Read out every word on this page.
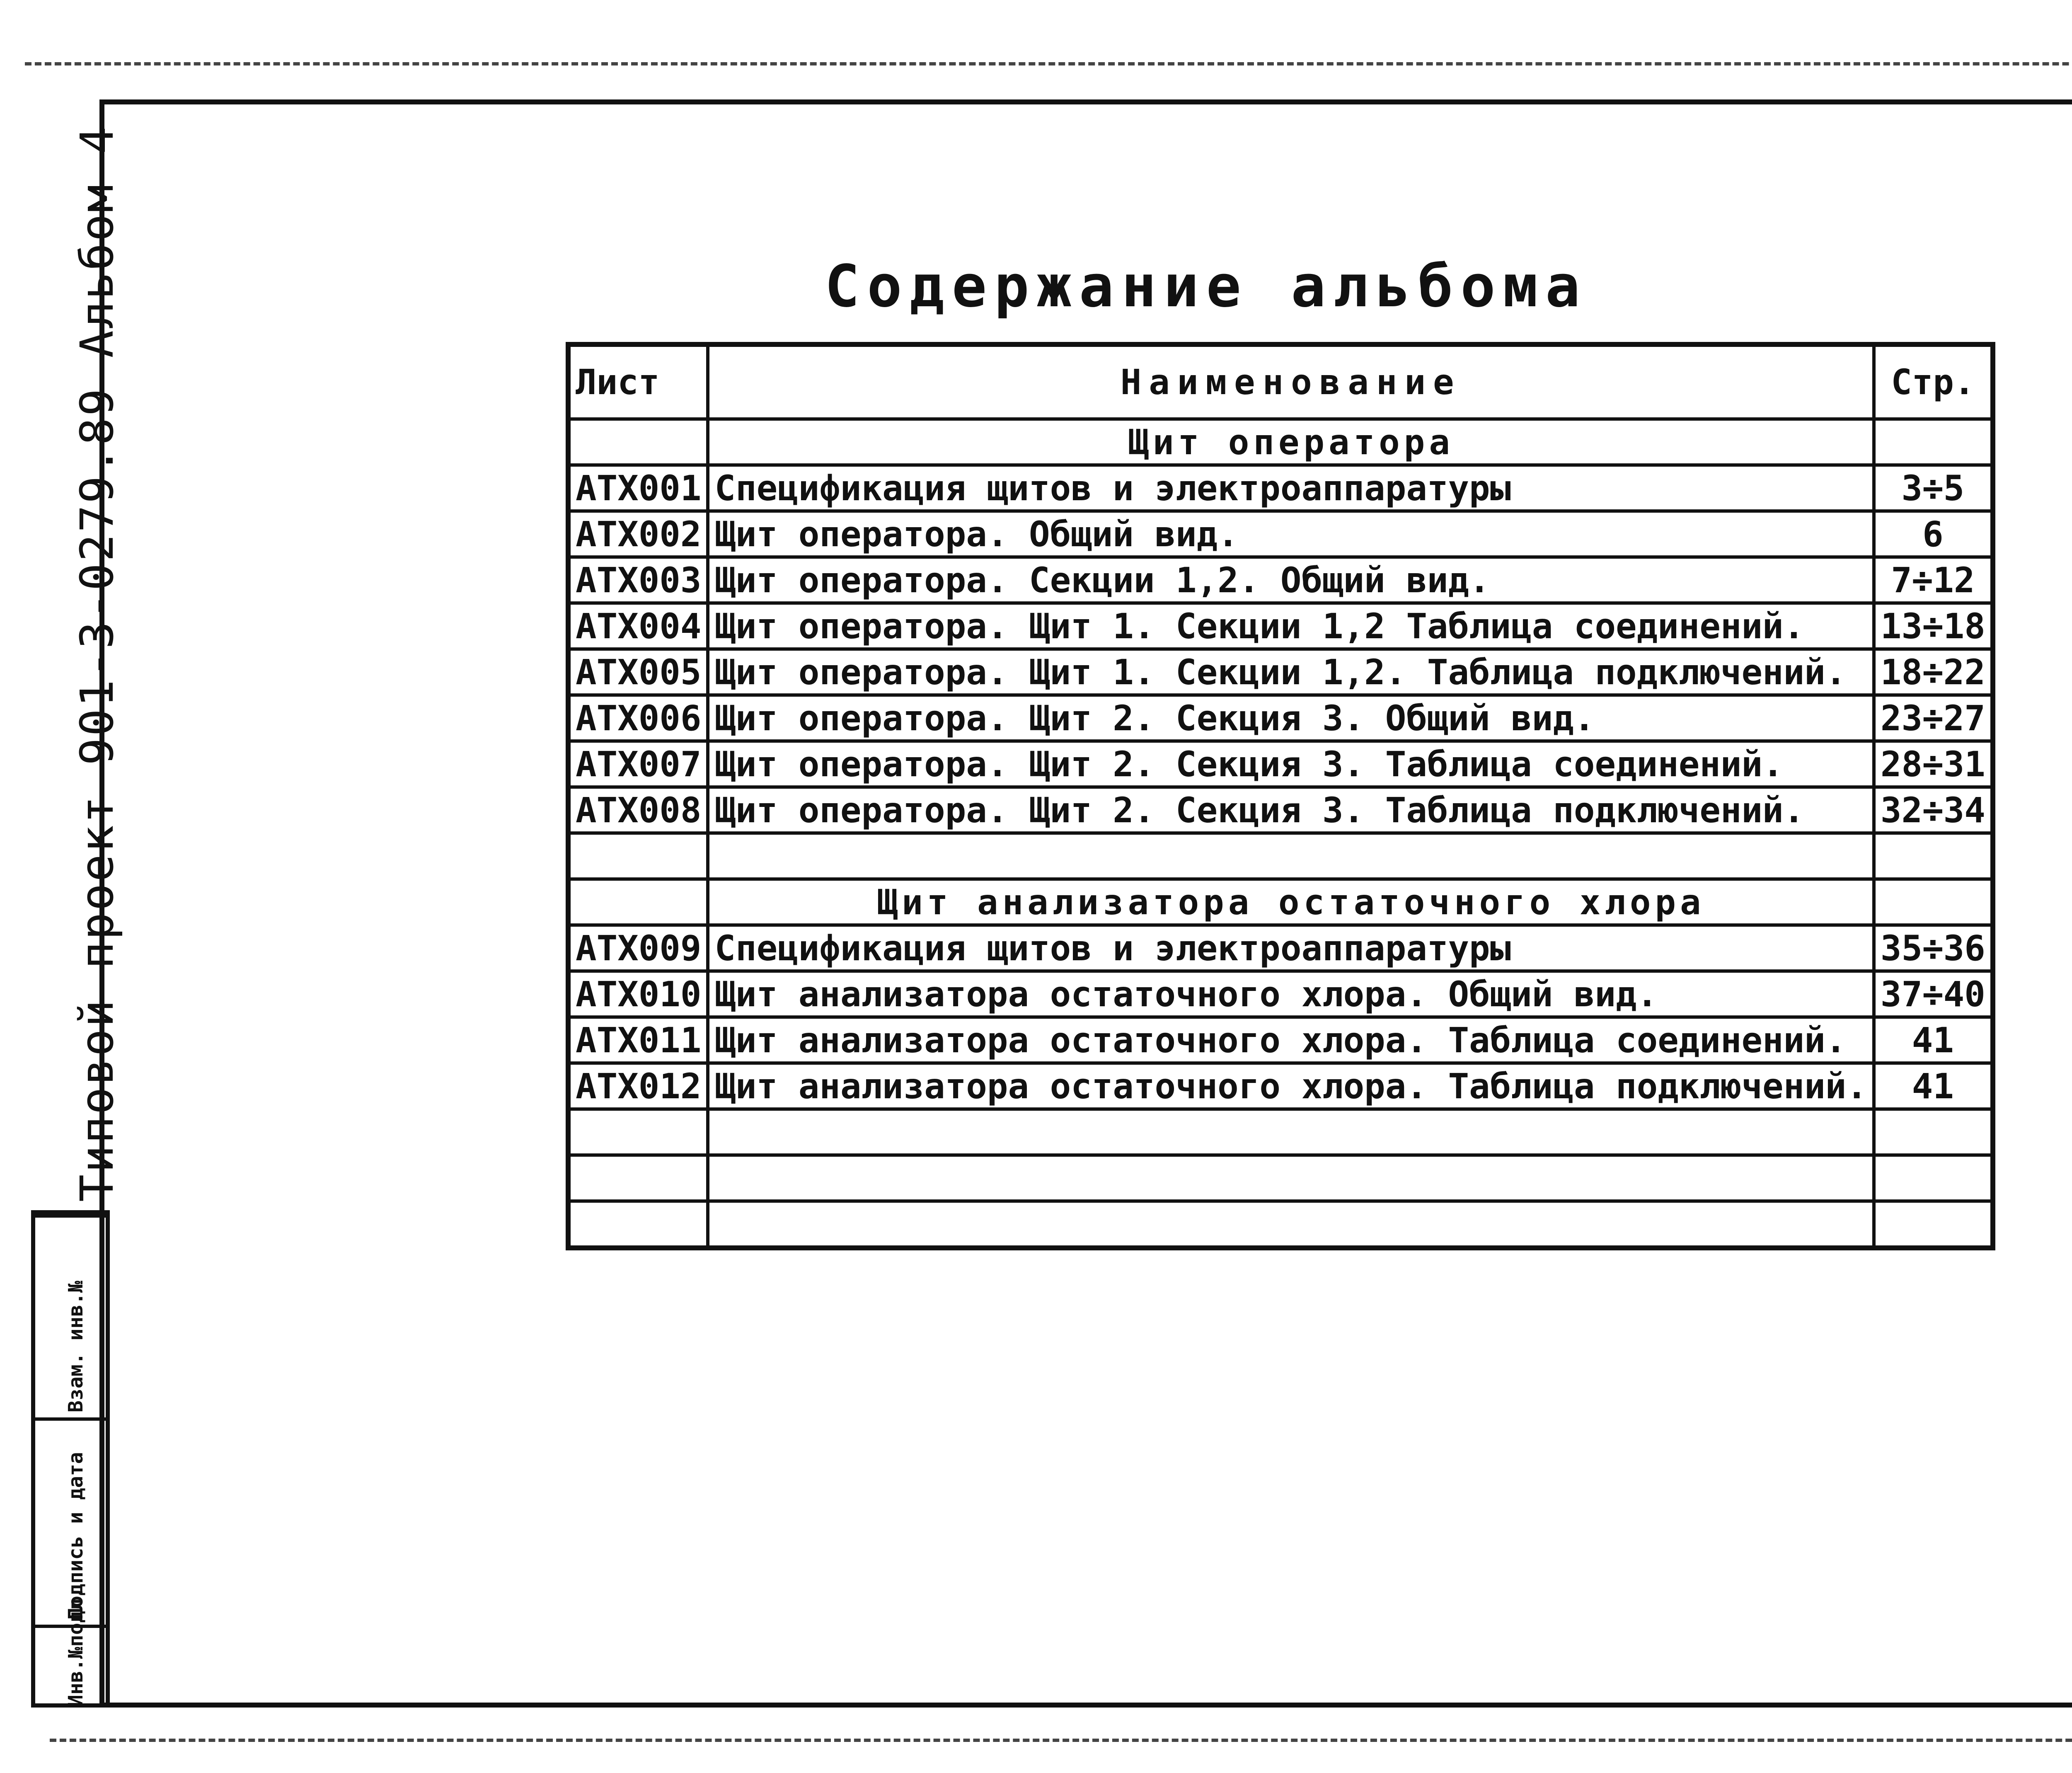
Содержание альбома
Типовой проект 901-3-0279.89 Альбом 4
Взам. инв.№
Подпись и дата
Инв.№подл.
Лист	Наименование	Стр.
	Щит оператора	
АТХ001	Спецификация щитов и электроаппаратуры	3÷5
АТХ002	Щит оператора. Общий вид.	6
АТХ003	Щит оператора. Секции 1,2. Общий вид.	7÷12
АТХ004	Щит оператора. Щит 1. Секции 1,2 Таблица соединений.	13÷18
АТХ005	Щит оператора. Щит 1. Секции 1,2. Таблица подключений.	18÷22
АТХ006	Щит оператора. Щит 2. Секция 3. Общий вид.	23÷27
АТХ007	Щит оператора. Щит 2. Секция 3. Таблица соединений.	28÷31
АТХ008	Щит оператора. Щит 2. Секция 3. Таблица подключений.	32÷34

	Щит анализатора остаточного хлора	
АТХ009	Спецификация щитов и электроаппаратуры	35÷36
АТХ010	Щит анализатора остаточного хлора. Общий вид.	37÷40
АТХ011	Щит анализатора остаточного хлора. Таблица соединений.	41
АТХ012	Щит анализатора остаточного хлора. Таблица подключений.	41
